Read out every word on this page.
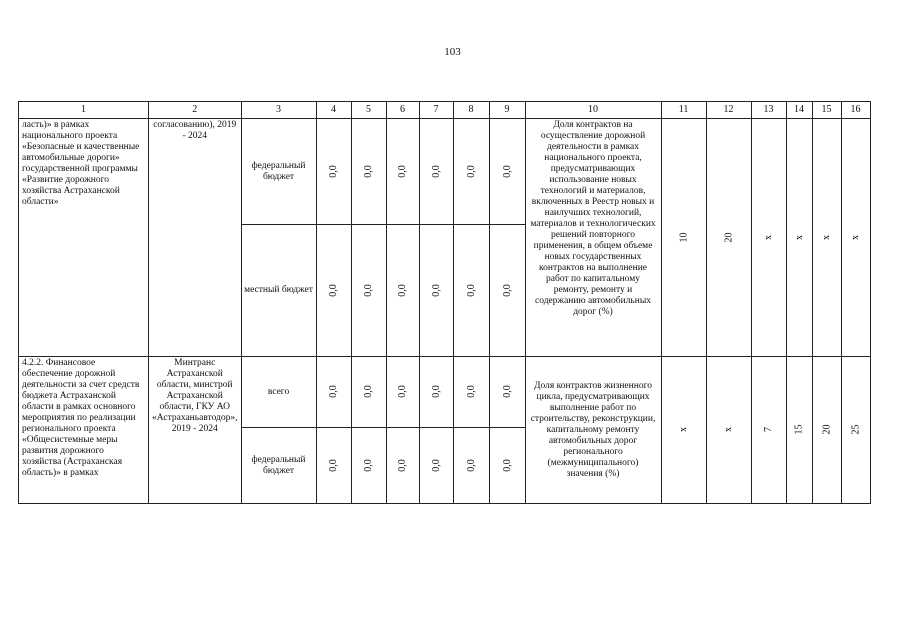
103
1	2	3	4	5	6	7	8	9	10	11	12	13	14	15	16
ласть)» в рамках национального проекта «Безопасные и качественные автомобильные дороги» государственной программы «Развитие дорожного хозяйства Астраханской области»	согласованию), 2019 - 2024	федеральный бюджет	0,0	0,0	0,0	0,0	0,0	0,0	Доля контрактов на осуществление дорожной деятельности в рамках национального проекта, предусматривающих использование новых технологий и материалов, включенных в Реестр новых и наилучших технологий, материалов и технологических решений повторного применения, в общем объеме новых государственных контрактов на выполнение работ по капитальному ремонту, ремонту и содержанию автомобильных дорог (%)	10	20	x	x	x	x
		местный бюджет	0,0	0,0	0,0	0,0	0,0	0,0							
4.2.2. Финансовое обеспечение дорожной деятельности за счет средств бюджета Астраханской области в рамках основного мероприятия по реализации регионального проекта «Общесистемные меры развития дорожного хозяйства (Астраханская область)» в рамках	Минтранс Астраханской области, минстрой Астраханской области, ГКУ АО «Астраханьавтодор», 2019 - 2024	всего	0,0	0,0	0,0	0,0	0,0	0,0	Доля контрактов жизненного цикла, предусматривающих выполнение работ по строительству, реконструкции, капитальному ремонту автомобильных дорог регионального (межмуниципального) значения (%)	x	x	7	15	20	25
		федеральный бюджет	0,0	0,0	0,0	0,0	0,0	0,0							
